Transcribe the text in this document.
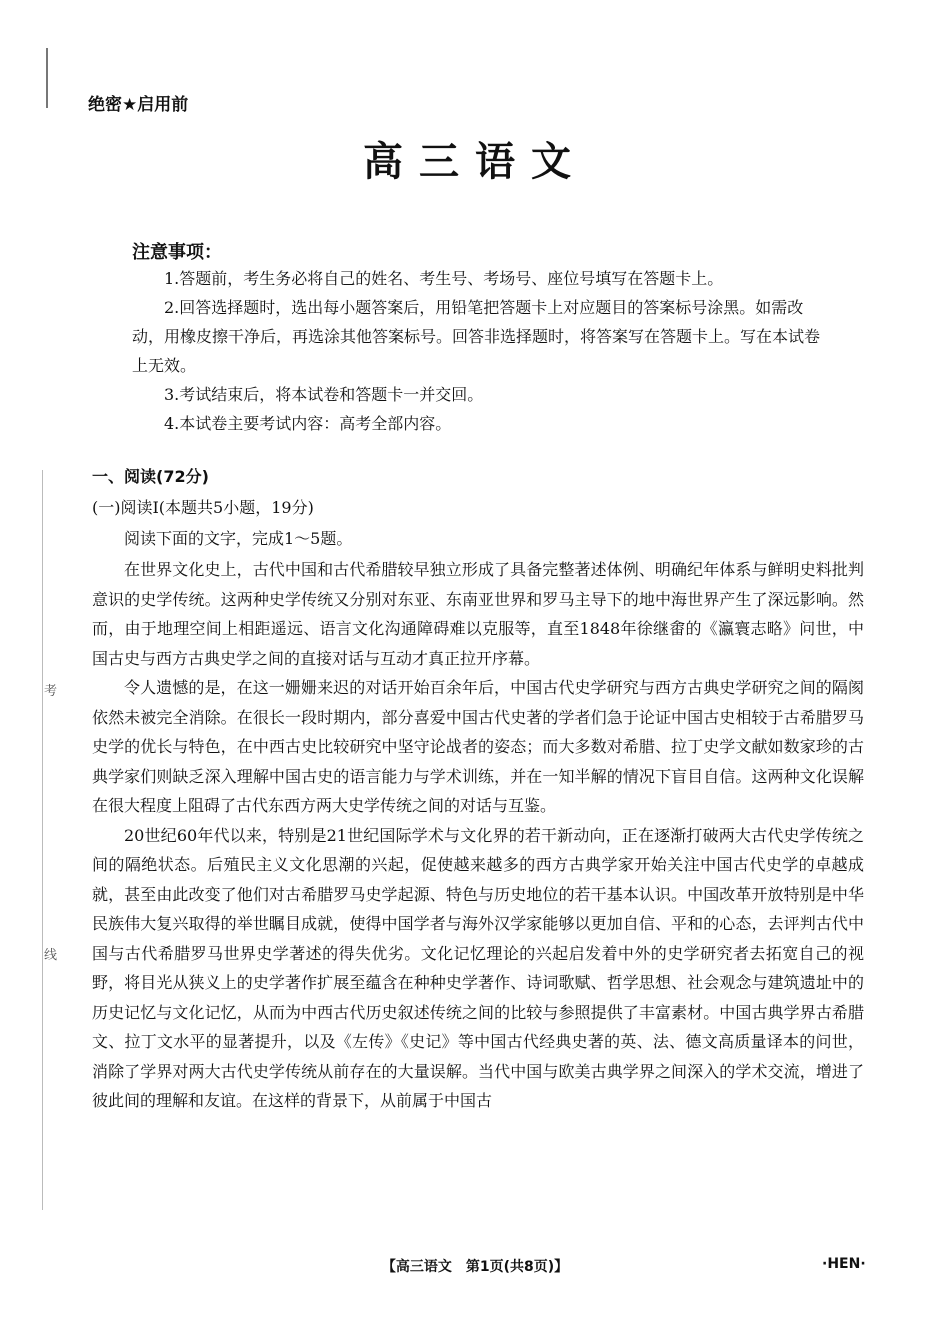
绝密★启用前
高三语文
注意事项：

1.答题前，考生务必将自己的姓名、考生号、考场号、座位号填写在答题卡上。

2.回答选择题时，选出每小题答案后，用铅笔把答题卡上对应题目的答案标号涂黑。如需改动，用橡皮擦干净后，再选涂其他答案标号。回答非选择题时，将答案写在答题卡上。写在本试卷上无效。

3.考试结束后，将本试卷和答题卡一并交回。

4.本试卷主要考试内容：高考全部内容。

一、阅读(72分)
(一)阅读Ⅰ(本题共5小题，19分)
阅读下面的文字，完成1～5题。

在世界文化史上，古代中国和古代希腊较早独立形成了具备完整著述体例、明确纪年体系与鲜明史料批判意识的史学传统。这两种史学传统又分别对东亚、东南亚世界和罗马主导下的地中海世界产生了深远影响。然而，由于地理空间上相距遥远、语言文化沟通障碍难以克服等，直至1848年徐继畬的《瀛寰志略》问世，中国古史与西方古典史学之间的直接对话与互动才真正拉开序幕。

令人遗憾的是，在这一姗姗来迟的对话开始百余年后，中国古代史学研究与西方古典史学研究之间的隔阂依然未被完全消除。在很长一段时期内，部分喜爱中国古代史著的学者们急于论证中国古史相较于古希腊罗马史学的优长与特色，在中西古史比较研究中坚守论战者的姿态；而大多数对希腊、拉丁史学文献如数家珍的古典学家们则缺乏深入理解中国古史的语言能力与学术训练，并在一知半解的情况下盲目自信。这两种文化误解在很大程度上阻碍了古代东西方两大史学传统之间的对话与互鉴。

20世纪60年代以来，特别是21世纪国际学术与文化界的若干新动向，正在逐渐打破两大古代史学传统之间的隔绝状态。后殖民主义文化思潮的兴起，促使越来越多的西方古典学家开始关注中国古代史学的卓越成就，甚至由此改变了他们对古希腊罗马史学起源、特色与历史地位的若干基本认识。中国改革开放特别是中华民族伟大复兴取得的举世瞩目成就，使得中国学者与海外汉学家能够以更加自信、平和的心态，去评判古代中国与古代希腊罗马世界史学著述的得失优劣。文化记忆理论的兴起启发着中外的史学研究者去拓宽自己的视野，将目光从狭义上的史学著作扩展至蕴含在种种史学著作、诗词歌赋、哲学思想、社会观念与建筑遗址中的历史记忆与文化记忆，从而为中西古代历史叙述传统之间的比较与参照提供了丰富素材。中国古典学界古希腊文、拉丁文水平的显著提升，以及《左传》《史记》等中国古代经典史著的英、法、德文高质量译本的问世，消除了学界对两大古代史学传统从前存在的大量误解。当代中国与欧美古典学界之间深入的学术交流，增进了彼此间的理解和友谊。在这样的背景下，从前属于中国古

考
线
【高三语文　第1页(共8页)】	·HEN·
